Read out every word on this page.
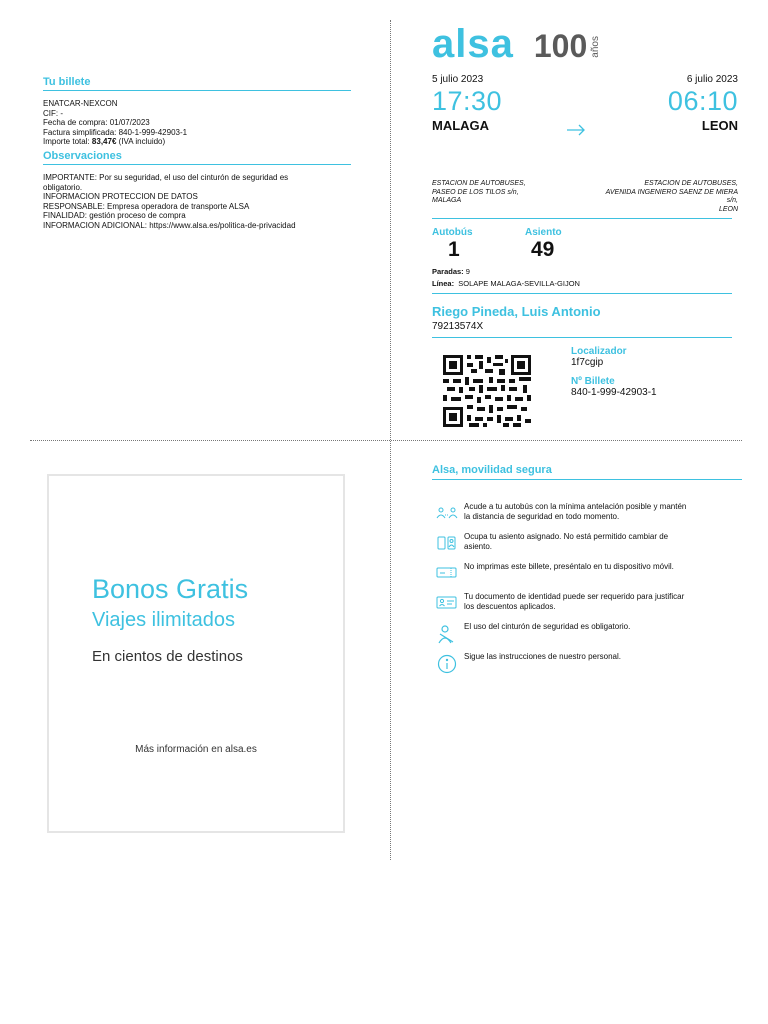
Tu billete
ENATCAR-NEXCON
CIF: -
Fecha de compra: 01/07/2023
Factura simplificada: 840-1-999-42903-1
Importe total: 83,47€ (IVA incluido)
Observaciones
IMPORTANTE: Por su seguridad, el uso del cinturón de seguridad es
obligatorio.
INFORMACION PROTECCION DE DATOS
RESPONSABLE: Empresa operadora de transporte ALSA
FINALIDAD: gestión proceso de compra
INFORMACION ADICIONAL: https://www.alsa.es/politica-de-privacidad
alsa 100 años
5 julio 2023
17:30
MALAGA
6 julio 2023
06:10
LEON
ESTACION DE AUTOBUSES,
PASEO DE LOS TILOS s/n,
MALAGA
ESTACION DE AUTOBUSES,
AVENIDA INGENIERO SAENZ DE MIERA
s/n,
LEON
Autobús
1
Asiento
49
Paradas: 9
Línea: SOLAPE MALAGA-SEVILLA-GIJON
Riego Pineda, Luis Antonio
79213574X
Localizador
1f7cgip
Nº Billete
840-1-999-42903-1
Bonos Gratis
Viajes ilimitados
En cientos de destinos
Más información en alsa.es
Alsa, movilidad segura
Acude a tu autobús con la mínima antelación posible y mantén
la distancia de seguridad en todo momento.
Ocupa tu asiento asignado. No está permitido cambiar de
asiento.
No imprimas este billete, preséntalo en tu dispositivo móvil.
Tu documento de identidad puede ser requerido para justificar
los descuentos aplicados.
El uso del cinturón de seguridad es obligatorio.
Sigue las instrucciones de nuestro personal.
